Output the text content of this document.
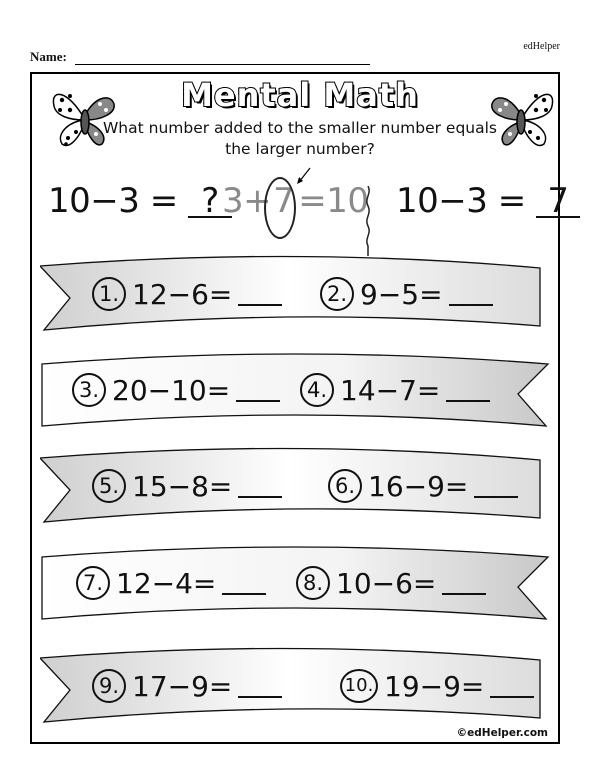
Name:
edHelper
Mental Math
What number added to the smaller number equals the larger number?
10−3 = ? 3+7 =10 10−3 = 7
1. 12−6=	2. 9−5=
3. 20−10=	4. 14−7=
5. 15−8=	6. 16−9=
7. 12−4=	8. 10−6=
9. 17−9=	10. 19−9=
©edHelper.com
